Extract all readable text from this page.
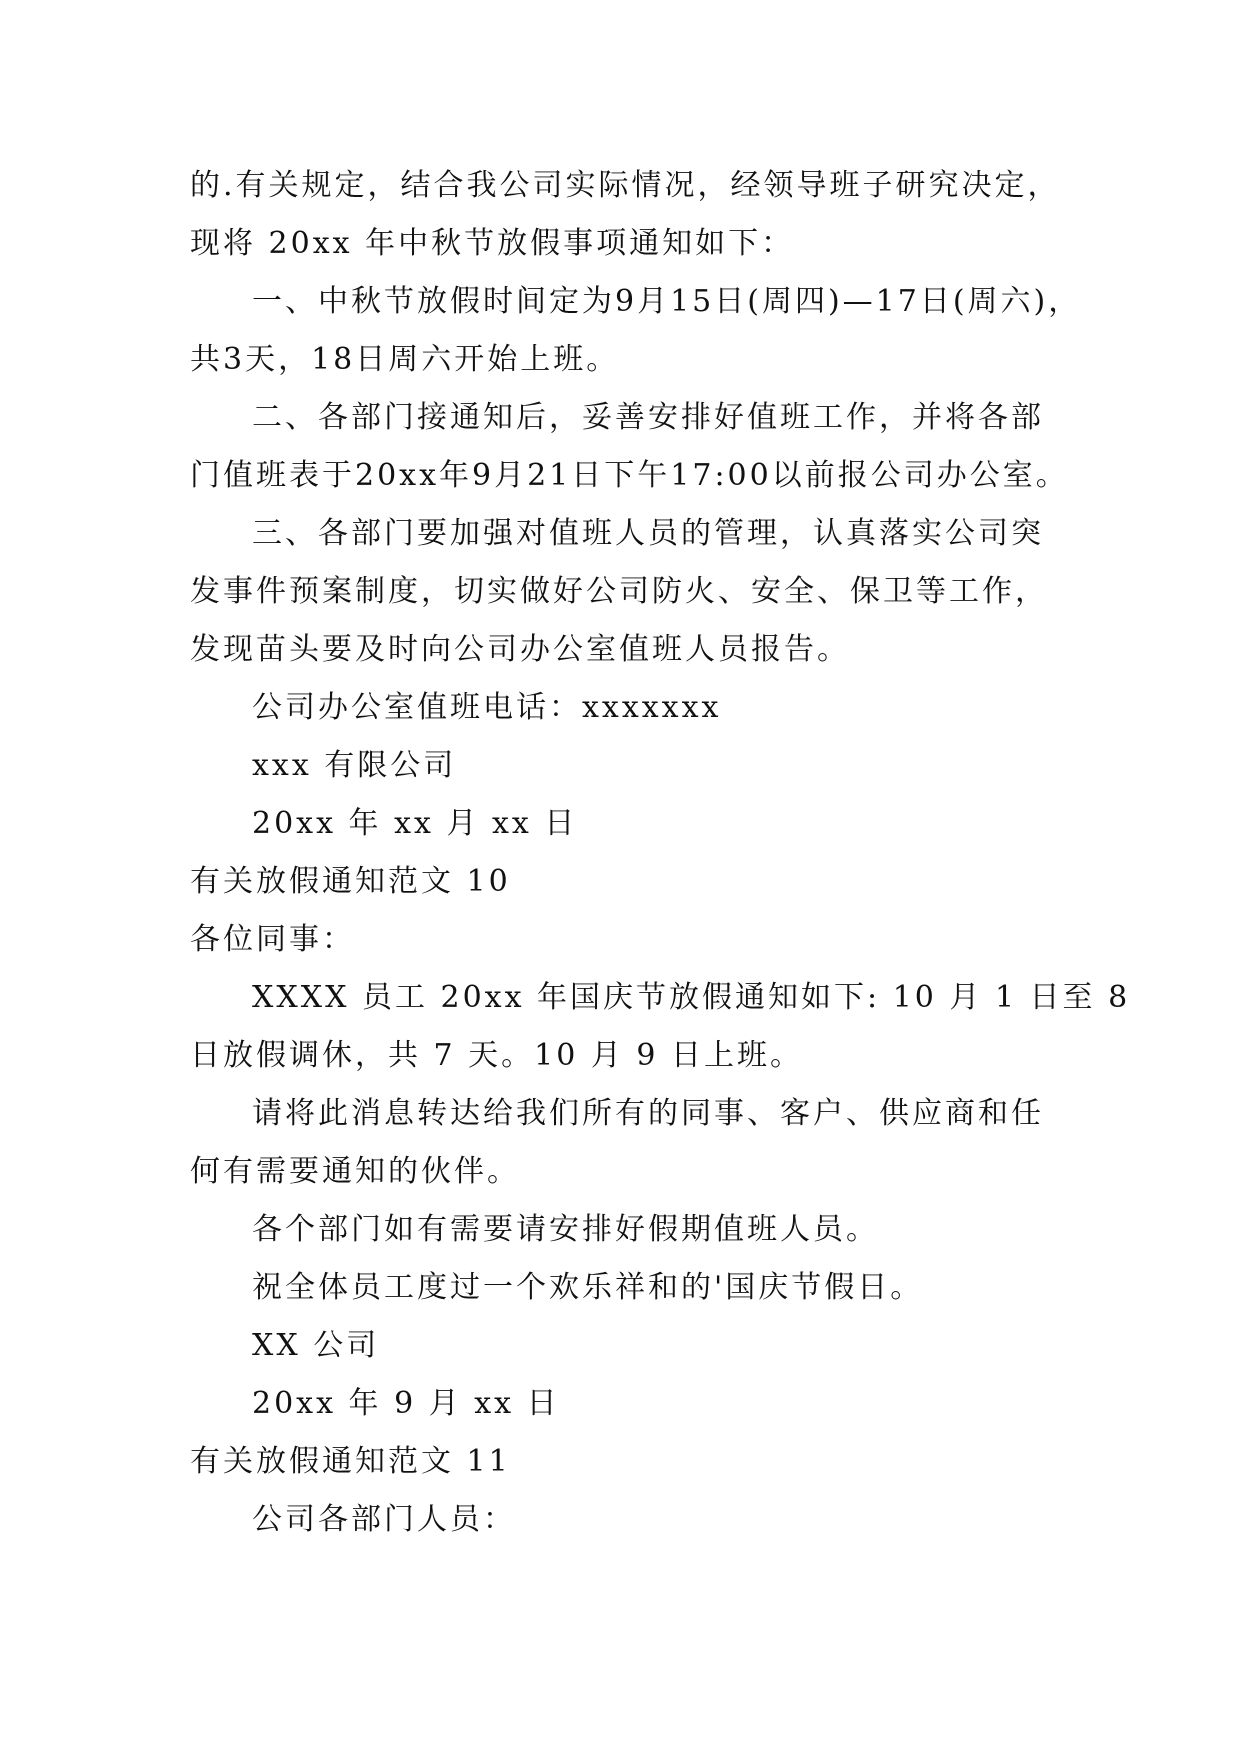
的.有关规定，结合我公司实际情况，经领导班子研究决定，
现将 20xx 年中秋节放假事项通知如下：
一、中秋节放假时间定为9月15日(周四)—17日(周六)，
共3天，18日周六开始上班。
二、各部门接通知后，妥善安排好值班工作，并将各部
门值班表于20xx年9月21日下午17:00以前报公司办公室。
三、各部门要加强对值班人员的管理，认真落实公司突
发事件预案制度，切实做好公司防火、安全、保卫等工作，
发现苗头要及时向公司办公室值班人员报告。
公司办公室值班电话：xxxxxxx
xxx 有限公司
20xx 年 xx 月 xx 日
有关放假通知范文 10
各位同事：
XXXX 员工 20xx 年国庆节放假通知如下: 10 月 1 日至 8
日放假调休，共 7 天。10 月 9 日上班。
请将此消息转达给我们所有的同事、客户、供应商和任
何有需要通知的伙伴。
各个部门如有需要请安排好假期值班人员。
祝全体员工度过一个欢乐祥和的'国庆节假日。
XX 公司
20xx 年 9 月 xx 日
有关放假通知范文 11
公司各部门人员：
